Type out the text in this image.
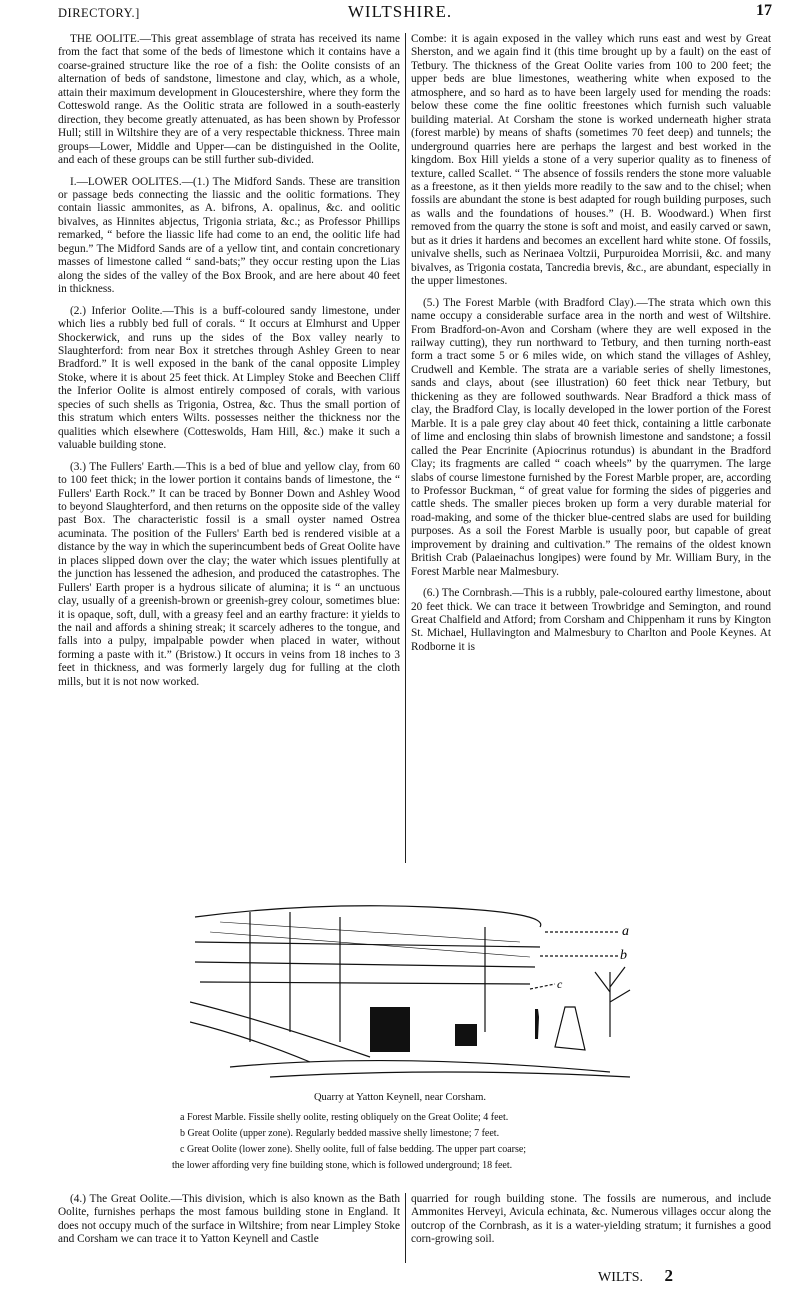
DIRECTORY.]	WILTSHIRE.	17

THE OOLITE.—This great assemblage of strata has received its name from the fact that some of the beds of limestone which it contains have a coarse-grained structure like the roe of a fish: the Oolite consists of an alternation of beds of sandstone, limestone and clay, which, as a whole, attain their maximum development in Gloucestershire, where they form the Cotteswold range. As the Oolitic strata are followed in a south-easterly direction, they become greatly attenuated, as has been shown by Professor Hull; still in Wiltshire they are of a very respectable thickness. Three main groups—Lower, Middle and Upper—can be distinguished in the Oolite, and each of these groups can be still further sub-divided.

I.—LOWER OOLITES.—(1.) The Midford Sands. These are transition or passage beds connecting the liassic and the oolitic formations. They contain liassic ammonites, as A. bifrons, A. opalinus, &c. and oolitic bivalves, as Hinnites abjectus, Trigonia striata, &c.; as Professor Phillips remarked, “ before the liassic life had come to an end, the oolitic life had begun.” The Midford Sands are of a yellow tint, and contain concretionary masses of limestone called “ sand-bats;” they occur resting upon the Lias along the sides of the valley of the Box Brook, and are here about 40 feet in thickness.

(2.) Inferior Oolite.—This is a buff-coloured sandy limestone, under which lies a rubbly bed full of corals. “ It occurs at Elmhurst and Upper Shockerwick, and runs up the sides of the Box valley nearly to Slaughterford: from near Box it stretches through Ashley Green to near Bradford.” It is well exposed in the bank of the canal opposite Limpley Stoke, where it is about 25 feet thick. At Limpley Stoke and Beechen Cliff the Inferior Oolite is almost entirely composed of corals, with various species of such shells as Trigonia, Ostrea, &c. Thus the small portion of this stratum which enters Wilts. possesses neither the thickness nor the qualities which elsewhere (Cotteswolds, Ham Hill, &c.) make it such a valuable building stone.

(3.) The Fullers' Earth.—This is a bed of blue and yellow clay, from 60 to 100 feet thick; in the lower portion it contains bands of limestone, the “ Fullers' Earth Rock.” It can be traced by Bonner Down and Ashley Wood to beyond Slaughterford, and then returns on the opposite side of the valley past Box. The characteristic fossil is a small oyster named Ostrea acuminata. The position of the Fullers' Earth bed is rendered visible at a distance by the way in which the superincumbent beds of Great Oolite have in places slipped down over the clay; the water which issues plentifully at the junction has lessened the adhesion, and produced the catastrophes. The Fullers' Earth proper is a hydrous silicate of alumina; it is “ an unctuous clay, usually of a greenish-brown or greenish-grey colour, sometimes blue: it is opaque, soft, dull, with a greasy feel and an earthy fracture: it yields to the nail and affords a shining streak; it scarcely adheres to the tongue, and falls into a pulpy, impalpable powder when placed in water, without forming a paste with it.” (Bristow.) It occurs in veins from 18 inches to 3 feet in thickness, and was formerly largely dug for fulling at the cloth mills, but it is not now worked.

Combe: it is again exposed in the valley which runs east and west by Great Sherston, and we again find it (this time brought up by a fault) on the east of Tetbury. The thickness of the Great Oolite varies from 100 to 200 feet; the upper beds are blue limestones, weathering white when exposed to the atmosphere, and so hard as to have been largely used for mending the roads: below these come the fine oolitic freestones which furnish such valuable building material. At Corsham the stone is worked underneath higher strata (forest marble) by means of shafts (sometimes 70 feet deep) and tunnels; the underground quarries here are perhaps the largest and best worked in the kingdom. Box Hill yields a stone of a very superior quality as to fineness of texture, called Scallet. “ The absence of fossils renders the stone more valuable as a freestone, as it then yields more readily to the saw and to the chisel; when fossils are abundant the stone is best adapted for rough building purposes, such as walls and the foundations of houses.” (H. B. Woodward.) When first removed from the quarry the stone is soft and moist, and easily carved or sawn, but as it dries it hardens and becomes an excellent hard white stone. Of fossils, univalve shells, such as Nerinaea Voltzii, Purpuroidea Morrisii, &c. and many bivalves, as Trigonia costata, Tancredia brevis, &c., are abundant, especially in the upper limestones.

(5.) The Forest Marble (with Bradford Clay).—The strata which own this name occupy a considerable surface area in the north and west of Wiltshire. From Bradford-on-Avon and Corsham (where they are well exposed in the railway cutting), they run northward to Tetbury, and then turning north-east form a tract some 5 or 6 miles wide, on which stand the villages of Ashley, Crudwell and Kemble. The strata are a variable series of shelly limestones, sands and clays, about (see illustration) 60 feet thick near Tetbury, but thickening as they are followed southwards. Near Bradford a thick mass of clay, the Bradford Clay, is locally developed in the lower portion of the Forest Marble. It is a pale grey clay about 40 feet thick, containing a little carbonate of lime and enclosing thin slabs of brownish limestone and sandstone; a fossil called the Pear Encrinite (Apiocrinus rotundus) is abundant in the Bradford Clay; its fragments are called “ coach wheels” by the quarrymen. The large slabs of course limestone furnished by the Forest Marble proper, are, according to Professor Buckman, “ of great value for forming the sides of piggeries and cattle sheds. The smaller pieces broken up form a very durable material for road-making, and some of the thicker blue-centred slabs are used for building purposes. As a soil the Forest Marble is usually poor, but capable of great improvement by draining and cultivation.” The remains of the oldest known British Crab (Palaeinachus longipes) were found by Mr. William Bury, in the Forest Marble near Malmesbury.

(6.) The Cornbrash.—This is a rubbly, pale-coloured earthy limestone, about 20 feet thick. We can trace it between Trowbridge and Semington, and round Great Chalfield and Atford; from Corsham and Chippenham it runs by Kington St. Michael, Hullavington and Malmesbury to Charlton and Poole Keynes. At Rodborne it is

a
b
c
Quarry at Yatton Keynell, near Corsham.
a Forest Marble. Fissile shelly oolite, resting obliquely on the Great Oolite; 4 feet.
b Great Oolite (upper zone). Regularly bedded massive shelly limestone; 7 feet.
c Great Oolite (lower zone). Shelly oolite, full of false bedding. The upper part coarse;
the lower affording very fine building stone, which is followed underground; 18 feet.

(4.) The Great Oolite.—This division, which is also known as the Bath Oolite, furnishes perhaps the most famous building stone in England. It does not occupy much of the surface in Wiltshire; from near Limpley Stoke and Corsham we can trace it to Yatton Keynell and Castle

quarried for rough building stone. The fossils are numerous, and include Ammonites Herveyi, Avicula echinata, &c. Numerous villages occur along the outcrop of the Cornbrash, as it is a water-yielding stratum; it furnishes a good corn-growing soil.

WILTS. 2
